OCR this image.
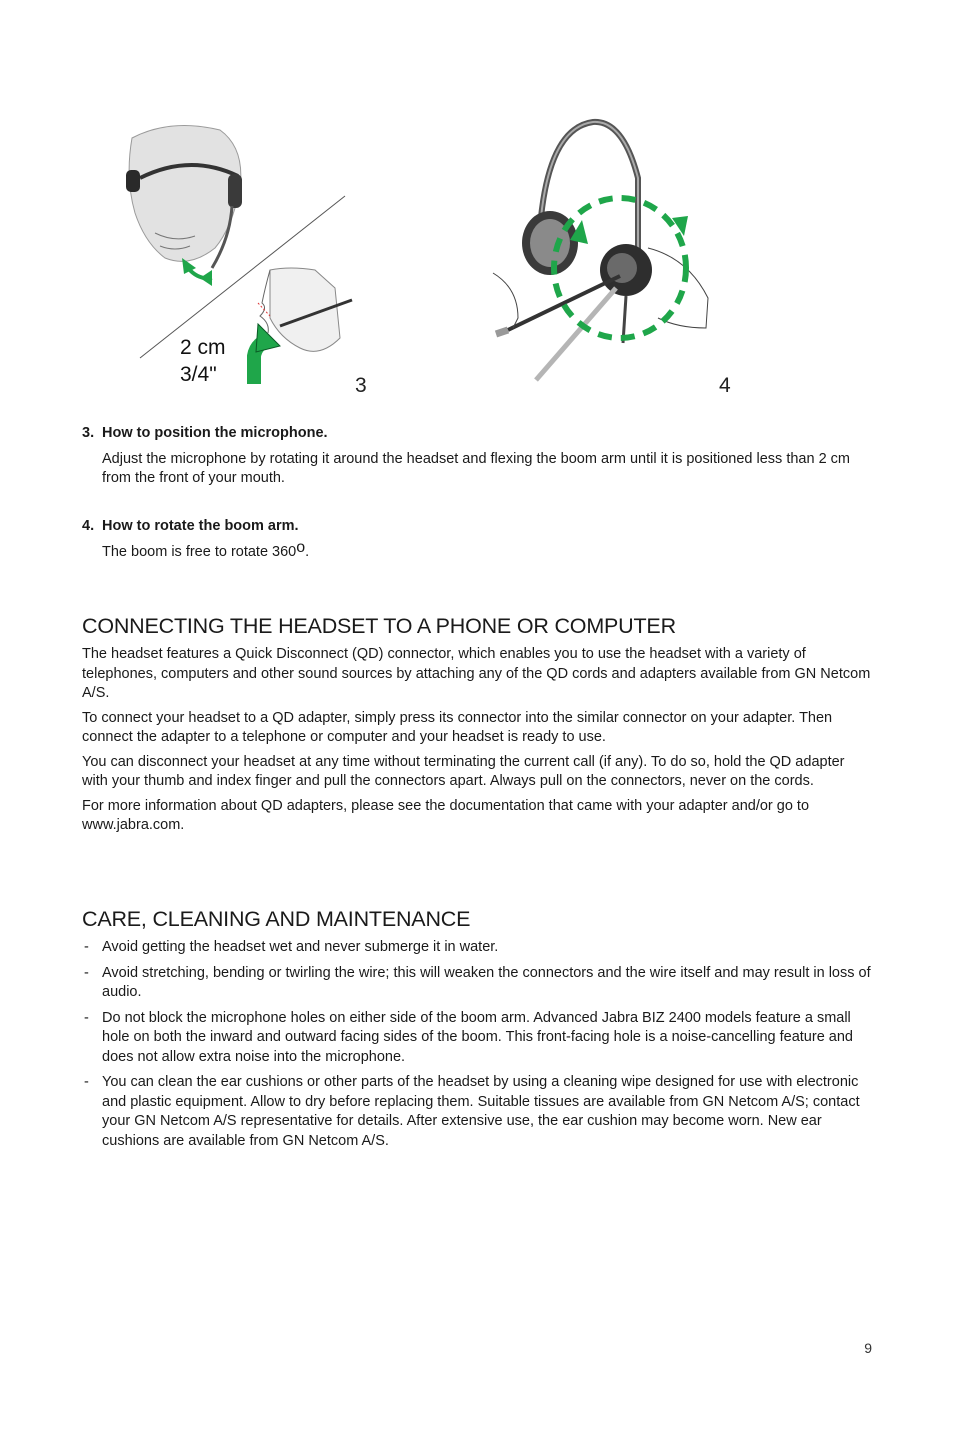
2 cm
3/4"	3	4
3. How to position the microphone.
Adjust the microphone by rotating it around the headset and flexing the boom arm until it is positioned less than 2 cm from the front of your mouth.
4. How to rotate the boom arm.
The boom is free to rotate 360$^o$.
CONNECTING THE HEADSET TO A PHONE OR COMPUTER

The headset features a Quick Disconnect (QD) connector, which enables you to use the headset with a variety of telephones, computers and other sound sources by attaching any of the QD cords and adapters available from GN Netcom A/S.

To connect your headset to a QD adapter, simply press its connector into the similar connector on your adapter. Then connect the adapter to a telephone or computer and your headset is ready to use.

You can disconnect your headset at any time without terminating the current call (if any). To do so, hold the QD adapter with your thumb and index finger and pull the connectors apart. Always pull on the connectors, never on the cords.

For more information about QD adapters, please see the documentation that came with your adapter and/or go to www.jabra.com.

CARE, CLEANING AND MAINTENANCE
- Avoid getting the headset wet and never submerge it in water.
- Avoid stretching, bending or twirling the wire; this will weaken the connectors and the wire itself and may result in loss of audio.
- Do not block the microphone holes on either side of the boom arm. Advanced Jabra BIZ 2400 models feature a small hole on both the inward and outward facing sides of the boom. This front-facing hole is a noise-cancelling feature and does not allow extra noise into the microphone.
- You can clean the ear cushions or other parts of the headset by using a cleaning wipe designed for use with electronic and plastic equipment. Allow to dry before replacing them. Suitable tissues are available from GN Netcom A/S; contact your GN Netcom A/S representative for details. After extensive use, the ear cushion may become worn. New ear cushions are available from GN Netcom A/S.
9
